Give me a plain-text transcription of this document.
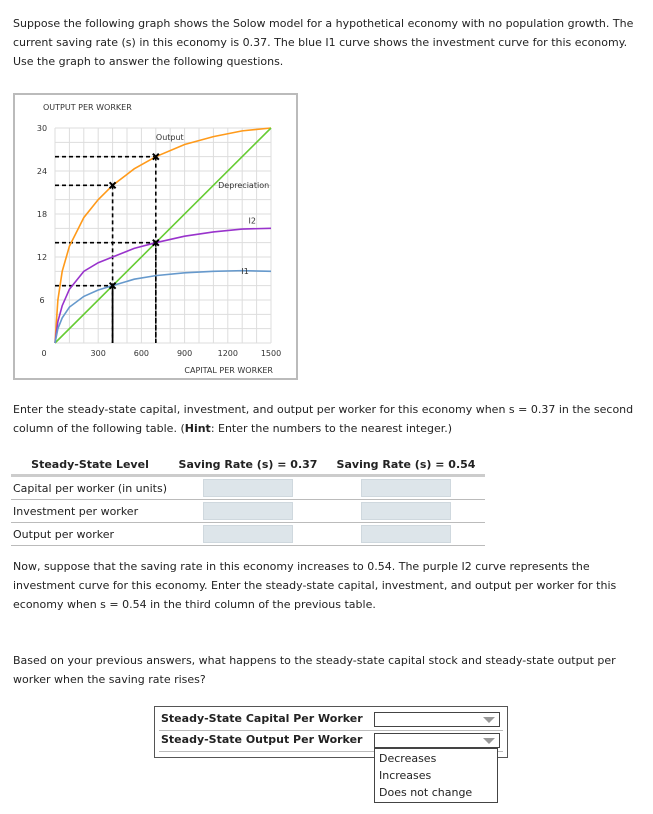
Suppose the following graph shows the Solow model for a hypothetical economy with no population growth. The current saving rate (s) in this economy is 0.37. The blue I1 curve shows the investment curve for this economy. Use the graph to answer the following questions.

OUTPUT PER WORKER
CAPITAL PER WORKER
0
6
12
18
24
30
300	600	900	1200	1500
Output
Depreciation
I2
I1

Enter the steady-state capital, investment, and output per worker for this economy when s = 0.37 in the second column of the following table. (Hint: Enter the numbers to the nearest integer.)

Steady-State Level	Saving Rate (s) = 0.37	Saving Rate (s) = 0.54
Capital per worker (in units)	

Investment per worker	

Output per worker	

Now, suppose that the saving rate in this economy increases to 0.54. The purple I2 curve represents the investment curve for this economy. Enter the steady-state capital, investment, and output per worker for this economy when s = 0.54 in the third column of the previous table.

Based on your previous answers, what happens to the steady-state capital stock and steady-state output per worker when the saving rate rises?

Steady-State Capital Per Worker
Steady-State Output Per Worker
Decreases
Increases
Does not change
